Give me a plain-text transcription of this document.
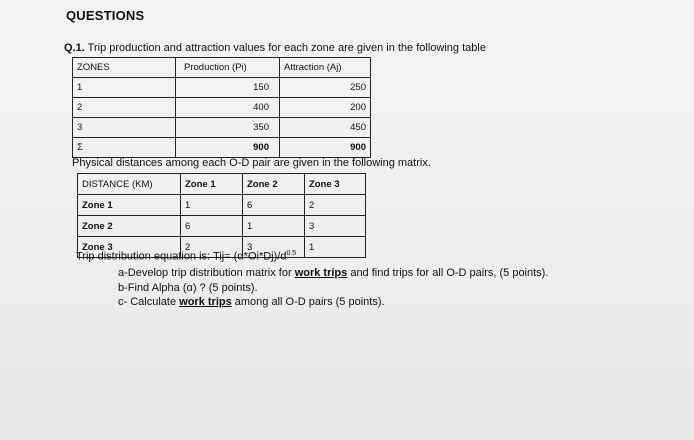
QUESTIONS
Q.1. Trip production and attraction values for each zone are given in the following table
ZONES	Production (Pi)	Attraction (Aj)
1	150	250
2	400	200
3	350	450
Σ	900	900
Physical distances among each O-D pair are given in the following matrix.
DISTANCE (KM)	Zone 1	Zone 2	Zone 3
Zone 1	1	6	2
Zone 2	6	1	3
Zone 3	2	3	1
Trip distribution equation is: $Tij= (\alpha*Oi*Dj)/d^{0.5}$
a-Develop trip distribution matrix for work trips and find trips for all O-D pairs, (5 points).
b-Find Alpha (α) ? (5 points).
c- Calculate work trips among all O-D pairs (5 points).
